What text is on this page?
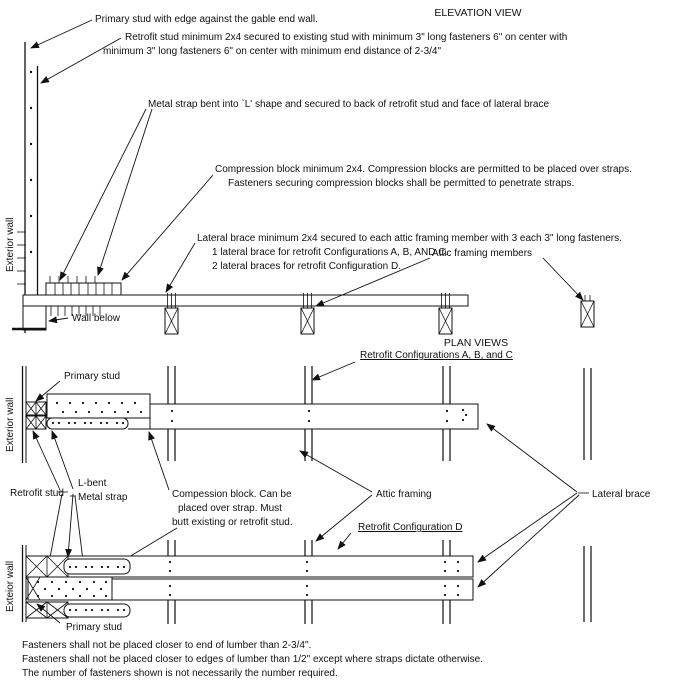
ELEVATION VIEW
Primary stud with edge against the gable end wall.
Retrofit stud minimum 2x4 secured to existing stud with minimum 3" long fasteners 6" on center with
minimum 3" long fasteners 6" on center with minimum end distance of 2-3/4"
Metal strap bent into `L' shape and secured to back of retrofit stud and face of lateral brace
Compression block minimum 2x4. Compression blocks are permitted to be placed over straps.
Fasteners securing compression blocks shall be permitted to penetrate straps.
Lateral brace minimum 2x4 secured to each attic framing member with 3 each 3" long fasteners.
1 lateral brace for retrofit Configurations A, B, AND C.
2 lateral braces for retrofit Configuration D.
Attic framing members
Wall below
Exterior wall
PLAN VIEWS
Retrofit Configurations A, B, and C
Exterior wall
Primary stud
Retrofit stud
L-bent
Metal strap	Compession block. Can be
placed over strap. Must
butt existing or retrofit stud.
Attic framing
Retrofit Configuration D
Lateral brace
Exteior wall
Primary stud
Fasteners shall not be placed closer to end of lumber than 2-3/4".
Fasteners shall not be placed closer to edges of lumber than 1/2" except where straps dictate otherwise.
The number of fasteners shown is not necessarily the number required.
